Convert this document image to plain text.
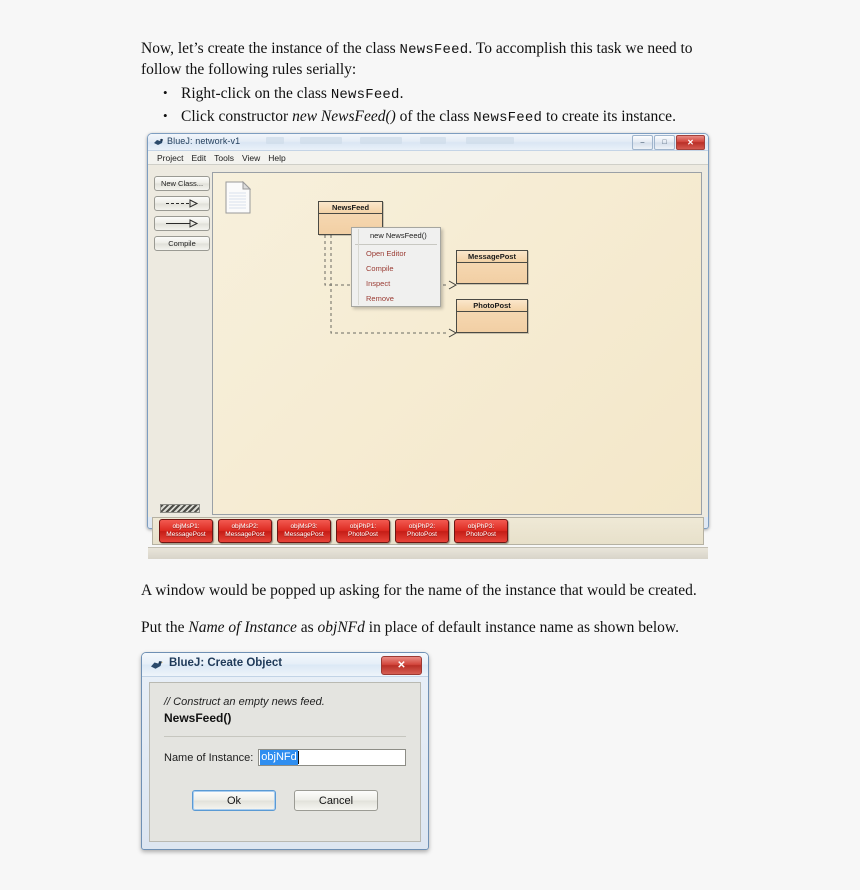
Now, let’s create the instance of the class NewsFeed. To accomplish this task we need to follow the following rules serially:
• Right-click on the class NewsFeed.
• Click constructor new NewsFeed() of the class NewsFeed to create its instance.
BlueJ: network-v1	–	□	✕
Project Edit Tools View Help
New Class...
Compile
NewsFeed
MessagePost
PhotoPost
new NewsFeed()
Open Editor
Compile
Inspect
Remove
objMsP1:
MessagePost
objMsP2:
MessagePost
objMsP3:
MessagePost
objPhP1:
PhotoPost
objPhP2:
PhotoPost
objPhP3:
PhotoPost
A window would be popped up asking for the name of the instance that would be created.
Put the Name of Instance as objNFd in place of default instance name as shown below.
BlueJ: Create Object	✕
// Construct an empty news feed.
NewsFeed()
Name of Instance: objNFd
Ok	Cancel
